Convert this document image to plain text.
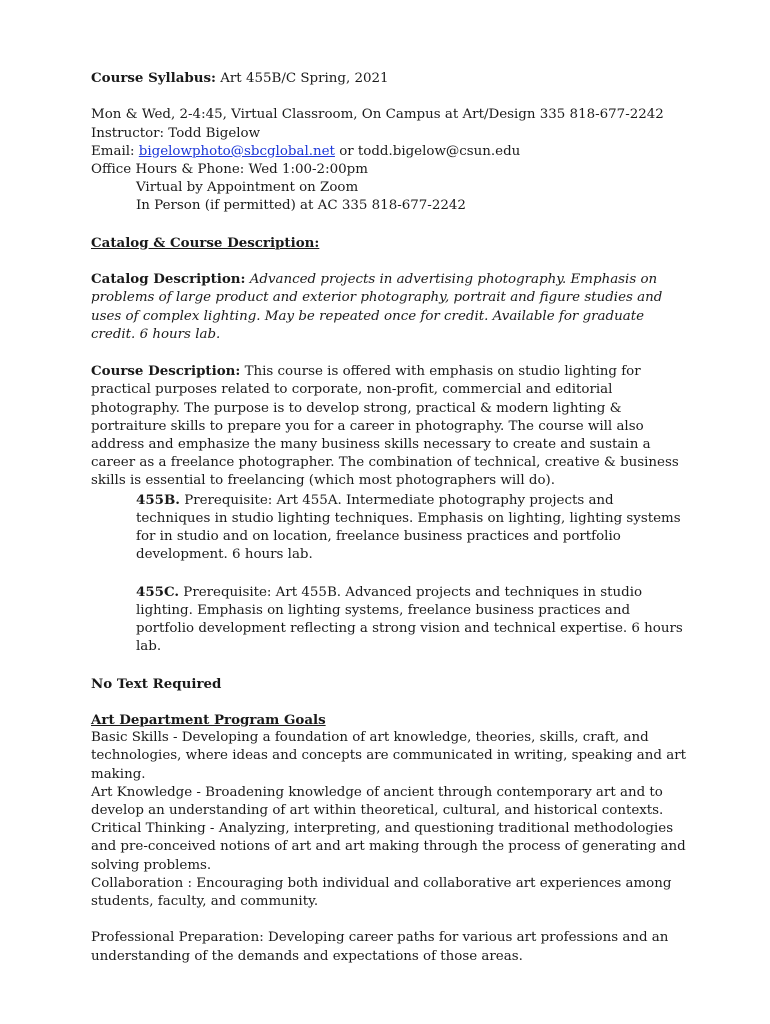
Course Syllabus: Art 455B/C Spring, 2021

Mon & Wed, 2-4:45, Virtual Classroom, On Campus at Art/Design 335 818-677-2242

Instructor: Todd Bigelow

Email: bigelowphoto@sbcglobal.net or todd.bigelow@csun.edu

Office Hours & Phone: Wed 1:00-2:00pm

Virtual by Appointment on Zoom

In Person (if permitted) at AC 335 818-677-2242

Catalog & Course Description:

Catalog Description: Advanced projects in advertising photography. Emphasis on problems of large product and exterior photography, portrait and figure studies and uses of complex lighting. May be repeated once for credit. Available for graduate credit. 6 hours lab.

Course Description: This course is offered with emphasis on studio lighting for practical purposes related to corporate, non-profit, commercial and editorial photography. The purpose is to develop strong, practical & modern lighting & portraiture skills to prepare you for a career in photography. The course will also address and emphasize the many business skills necessary to create and sustain a career as a freelance photographer. The combination of technical, creative & business skills is essential to freelancing (which most photographers will do).

455B. Prerequisite: Art 455A. Intermediate photography projects and techniques in studio lighting techniques. Emphasis on lighting, lighting systems for in studio and on location, freelance business practices and portfolio development. 6 hours lab.

455C. Prerequisite: Art 455B. Advanced projects and techniques in studio lighting. Emphasis on lighting systems, freelance business practices and portfolio development reflecting a strong vision and technical expertise. 6 hours lab.

No Text Required

Art Department Program Goals

Basic Skills - Developing a foundation of art knowledge, theories, skills, craft, and technologies, where ideas and concepts are communicated in writing, speaking and art making.

Art Knowledge - Broadening knowledge of ancient through contemporary art and to develop an understanding of art within theoretical, cultural, and historical contexts.

Critical Thinking - Analyzing, interpreting, and questioning traditional methodologies and pre-conceived notions of art and art making through the process of generating and solving problems.

Collaboration : Encouraging both individual and collaborative art experiences among students, faculty, and community.

Professional Preparation: Developing career paths for various art professions and an understanding of the demands and expectations of those areas.
